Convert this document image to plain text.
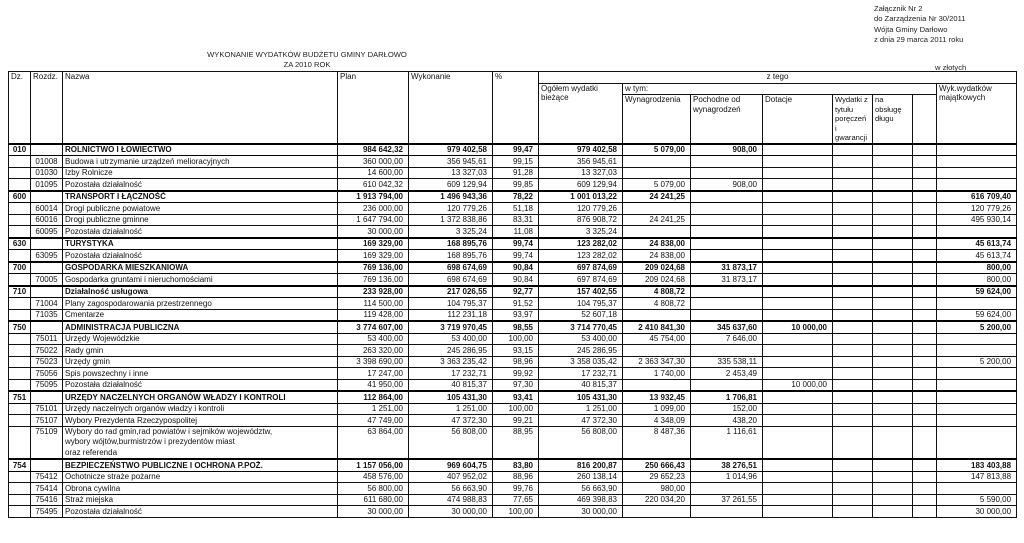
Załącznik Nr 2
do Zarządzenia Nr 30/2011
Wójta Gminy Darłowo
z dnia 29 marca 2011 roku
WYKONANIE WYDATKÓW BUDŻETU GMINY DARŁOWO
ZA 2010 ROK	w złotych
Dz.	Rozdz.	Nazwa	Plan	Wykonanie	%	z tego							
						Ogółem wydatki bieżące	w tym:						Wyk.wydatków majątkowych
							Wynagrodzenia	Pochodne od wynagrodzeń	Dotacje	Wydatki z tytułu poręczeń i gwarancji	na obsługę długu		
010		ROLNICTWO I ŁOWIECTWO	984 642,32	979 402,58	99,47	979 402,58	5 079,00	908,00					
	01008	Budowa i utrzymanie urządzeń melioracyjnych	360 000,00	356 945,61	99,15	356 945,61							
	01030	Izby Rolnicze	14 600,00	13 327,03	91,28	13 327,03							
	01095	Pozostała działalność	610 042,32	609 129,94	99,85	609 129,94	5 079,00	908,00					
600		TRANSPORT I ŁĄCZNOŚĆ	1 913 794,00	1 496 943,36	78,22	1 001 013,22	24 241,25						616 709,40
	60014	Drogi publiczne powiatowe	236 000,00	120 779,26	51,18	120 779,26							120 779,26
	60016	Drogi publiczne gminne	1 647 794,00	1 372 838,86	83,31	876 908,72	24 241,25						495 930,14
	60095	Pozostała działalność	30 000,00	3 325,24	11,08	3 325,24							
630		TURYSTYKA	169 329,00	168 895,76	99,74	123 282,02	24 838,00						45 613,74
	63095	Pozostała działalność	169 329,00	168 895,76	99,74	123 282,02	24 838,00						45 613,74
700		GOSPODARKA MIESZKANIOWA	769 136,00	698 674,69	90,84	697 874,69	209 024,68	31 873,17					800,00
	70005	Gospodarka gruntami i nieruchomościami	769 136,00	698 674,69	90,84	697 874,69	209 024,68	31 873,17					800,00
710		Działalność usługowa	233 928,00	217 026,55	92,77	157 402,55	4 808,72						59 624,00
	71004	Plany zagospodarowania przestrzennego	114 500,00	104 795,37	91,52	104 795,37	4 808,72						
	71035	Cmentarze	119 428,00	112 231,18	93,97	52 607,18							59 624,00
750		ADMINISTRACJA PUBLICZNA	3 774 607,00	3 719 970,45	98,55	3 714 770,45	2 410 841,30	345 637,60	10 000,00				5 200,00
	75011	Urzędy Wojewódzkie	53 400,00	53 400,00	100,00	53 400,00	45 754,00	7 646,00					
	75022	Rady gmin	263 320,00	245 286,95	93,15	245 286,95							
	75023	Urzędy gmin	3 398 690,00	3 363 235,42	98,96	3 358 035,42	2 363 347,30	335 538,11					5 200,00
	75056	Spis powszechny i inne	17 247,00	17 232,71	99,92	17 232,71	1 740,00	2 453,49					
	75095	Pozostała działalność	41 950,00	40 815,37	97,30	40 815,37			10 000,00				
751		URZĘDY NACZELNYCH ORGANÓW WŁADZY I KONTROLI	112 864,00	105 431,30	93,41	105 431,30	13 932,45	1 706,81					
	75101	Urzędy naczelnych organów władzy i kontroli	1 251,00	1 251,00	100,00	1 251,00	1 099,00	152,00					
	75107	Wybory Prezydenta Rzeczypospolitej	47 749,00	47 372,30	99,21	47 372,30	4 348,09	438,20					
	75109	Wybory do rad gmin,rad powiatów i sejmików województw,
wybory wójtów,burmistrzów i prezydentów miast
oraz referenda	63 864,00	56 808,00	88,95	56 808,00	8 487,36	1 116,61					
754		BEZPIECZEŃSTWO PUBLICZNE I OCHRONA P.POŻ.	1 157 056,00	969 604,75	83,80	816 200,87	250 666,43	38 276,51					183 403,88
	75412	Ochotnicze straże pożarne	458 576,00	407 952,02	88,96	260 138,14	29 652,23	1 014,96					147 813,88
	75414	Obrona cywilna	56 800,00	56 663,90	99,76	56 663,90	980,00						
	75416	Straż miejska	611 680,00	474 988,83	77,65	469 398,83	220 034,20	37 261,55					5 590,00
	75495	Pozostała działalność	30 000,00	30 000,00	100,00	30 000,00							30 000,00
